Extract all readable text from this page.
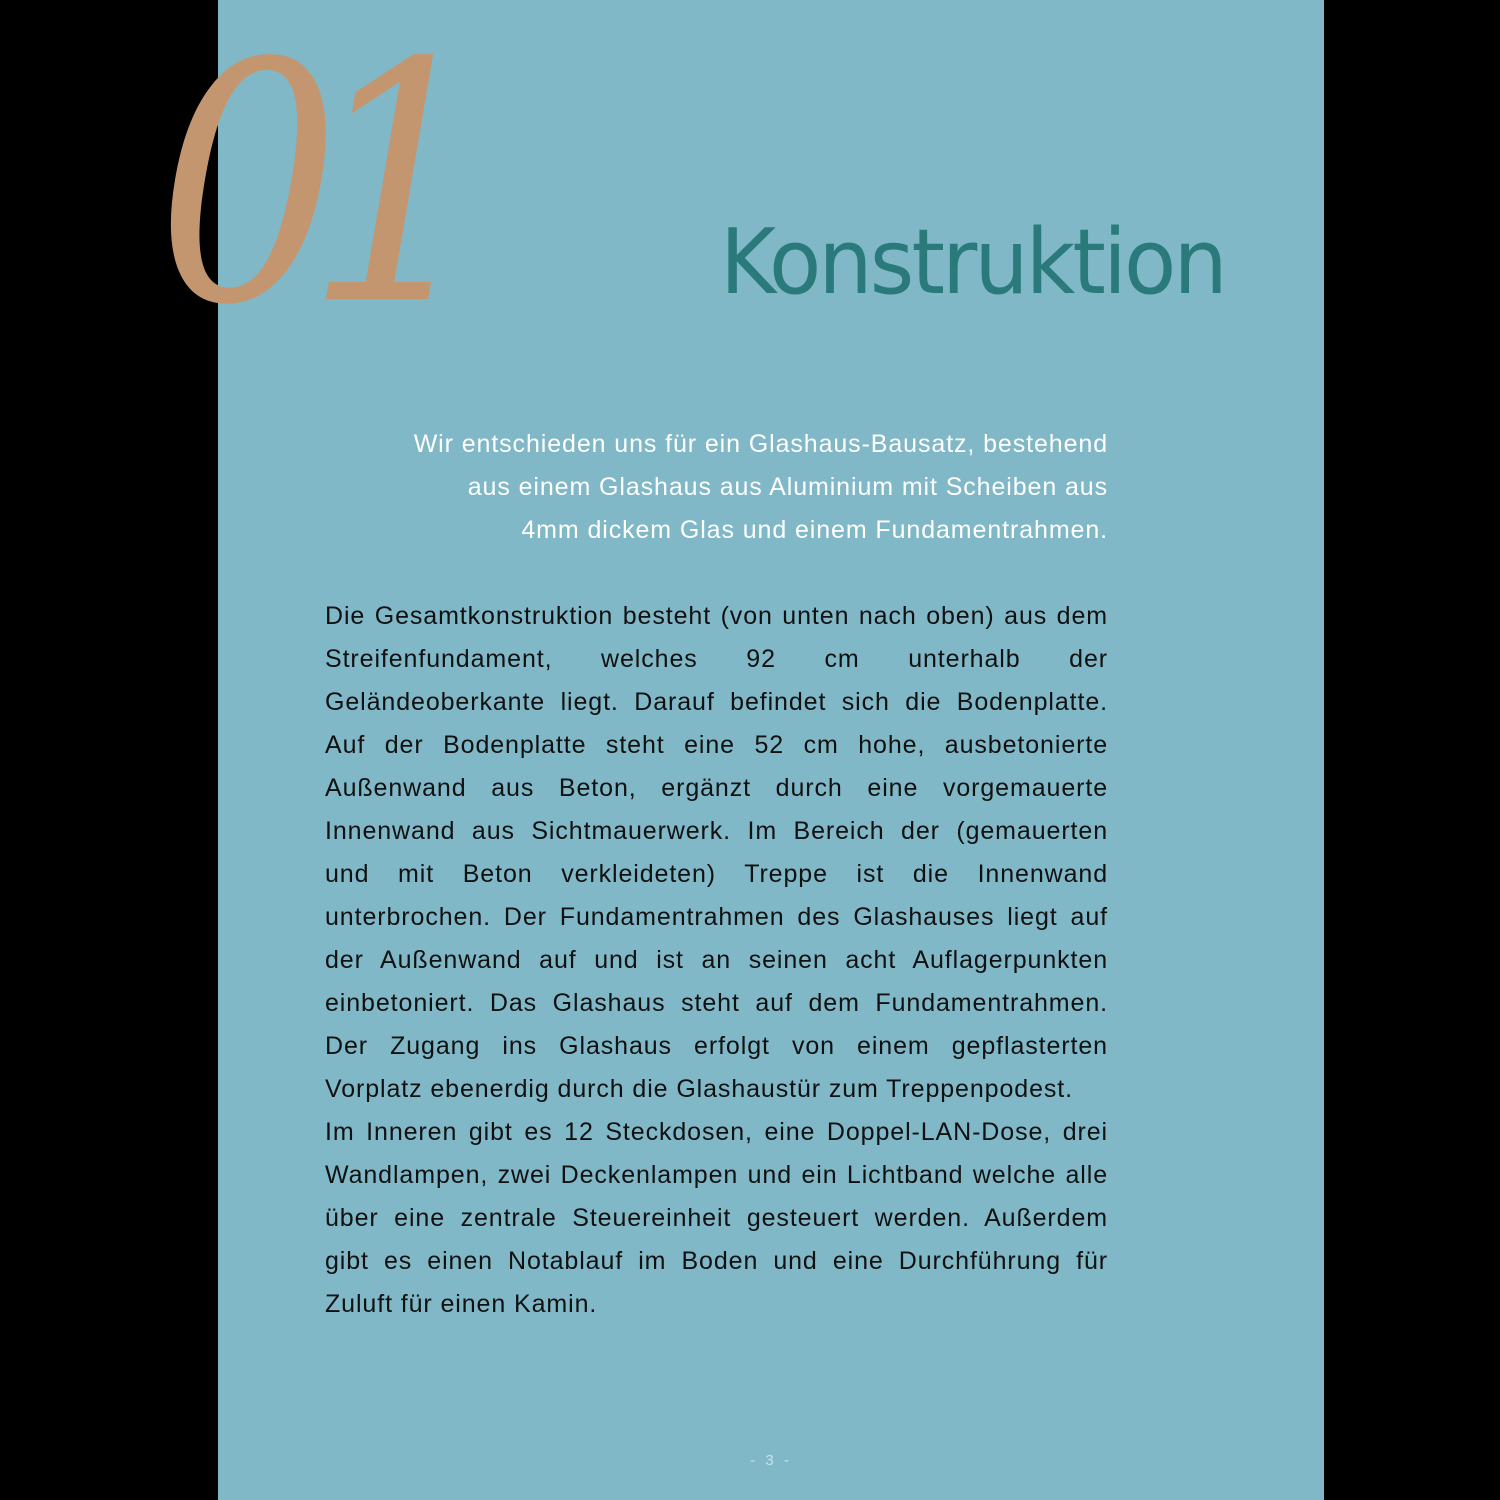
01	Konstruktion
Wir entschieden uns für ein Glashaus-Bausatz, bestehend
aus einem Glashaus aus Aluminium mit Scheiben aus
4mm dickem Glas und einem Fundamentrahmen.

Die Gesamtkonstruktion besteht (von unten nach oben) aus dem Streifenfundament, welches 92 cm unterhalb der Geländeoberkante liegt. Darauf befindet sich die Bodenplatte. Auf der Bodenplatte steht eine 52 cm hohe, ausbetonierte Außenwand aus Beton, ergänzt durch eine vorgemauerte Innenwand aus Sichtmauerwerk. Im Bereich der (gemauerten und mit Beton verkleideten) Treppe ist die Innenwand unterbrochen. Der Fundamentrahmen des Glashauses liegt auf der Außenwand auf und ist an seinen acht Auflagerpunkten einbetoniert. Das Glashaus steht auf dem Fundamentrahmen. Der Zugang ins Glashaus erfolgt von einem gepflasterten Vorplatz ebenerdig durch die Glashaustür zum Treppenpodest.

Im Inneren gibt es 12 Steckdosen, eine Doppel-LAN-Dose, drei Wandlampen, zwei Deckenlampen und ein Lichtband welche alle über eine zentrale Steuereinheit gesteuert werden. Außerdem gibt es einen Notablauf im Boden und eine Durchführung für Zuluft für einen Kamin.

- 3 -
